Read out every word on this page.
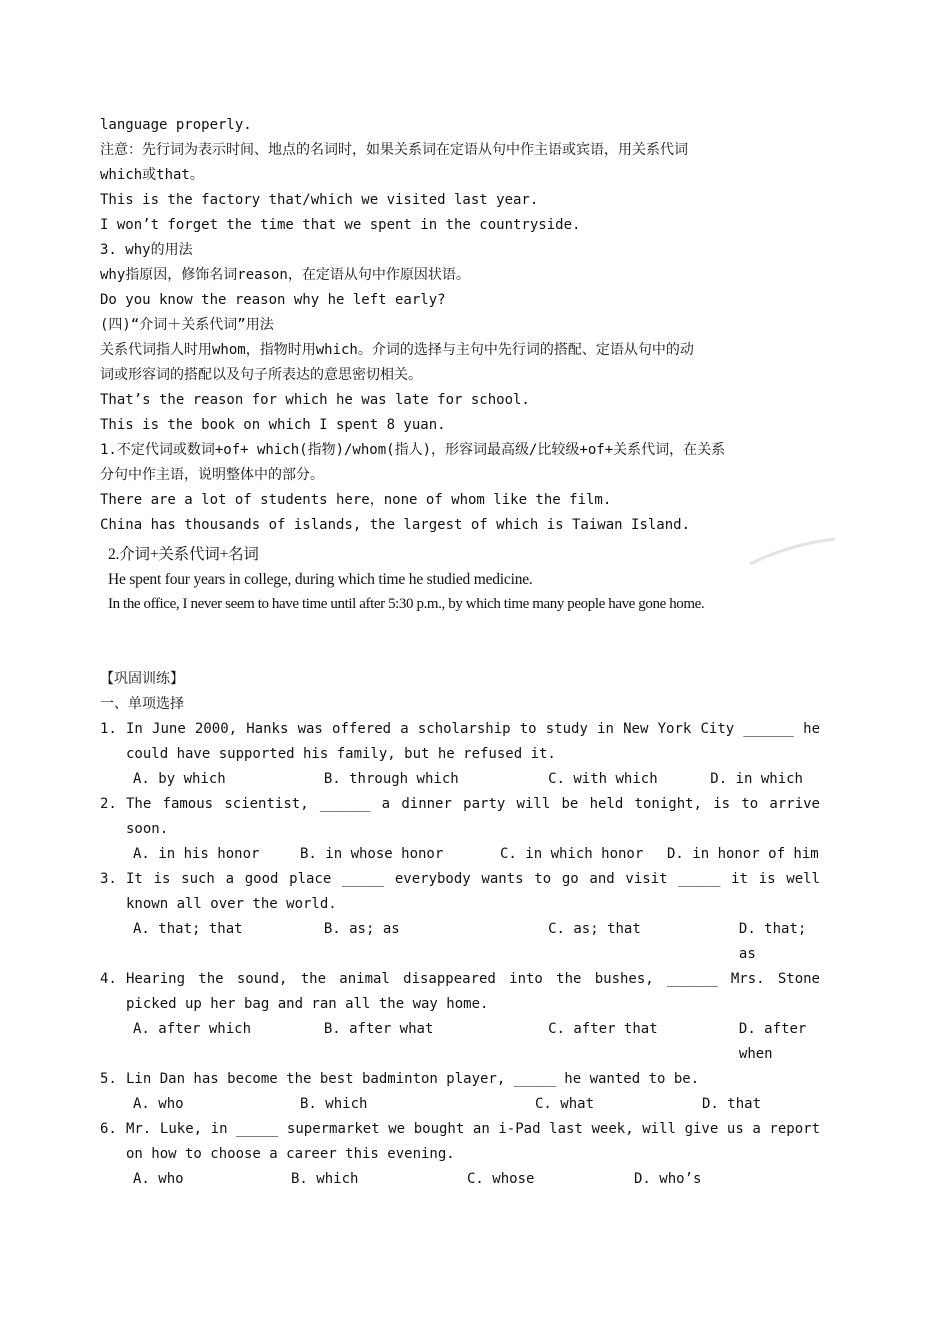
language properly.
注意：先行词为表示时间、地点的名词时，如果关系词在定语从句中作主语或宾语，用关系代词
which或that。
This is the factory that/which we visited last year.
I won’t forget the time that we spent in the countryside.
3. why的用法
why指原因，修饰名词reason，在定语从句中作原因状语。
Do you know the reason why he left early?
(四)“介词＋关系代词”用法
关系代词指人时用whom，指物时用which。介词的选择与主句中先行词的搭配、定语从句中的动
词或形容词的搭配以及句子所表达的意思密切相关。
That’s the reason for which he was late for school.
This is the book on which I spent 8 yuan.
1.不定代词或数词+of+ which(指物)/whom(指人)，形容词最高级/比较级+of+关系代词，在关系
分句中作主语，说明整体中的部分。
There are a lot of students here，none of whom like the film.
China has thousands of islands, the largest of which is Taiwan Island.
2.介词+关系代词+名词
He spent four years in college, during which time he studied medicine.
In the office, I never seem to have time until after 5:30 p.m., by which time many people have gone home.
【巩固训练】
一、单项选择
1. In June 2000, Hanks was offered a scholarship to study in New York City ______ he could have supported his family, but he refused it.
A. by which	B. through which	C. with which	D. in which
2. The famous scientist, ______ a dinner party will be held tonight, is to arrive soon.
A. in his honor	B. in whose honor	C. in which honor	D. in honor of him
3. It is such a good place _____ everybody wants to go and visit _____ it is well known all over the world.
A. that; that	B. as; as	C. as; that	D. that; as
4. Hearing the sound, the animal disappeared into the bushes, ______ Mrs. Stone picked up her bag and ran all the way home.
A. after which	B. after what	C. after that	D. after when
5. Lin Dan has become the best badminton player, _____ he wanted to be.
A. who	B. which	C. what	D. that
6. Mr. Luke, in _____ supermarket we bought an i-Pad last week, will give us a report on how to choose a career this evening.
A. who	B. which	C. whose	D. who’s
